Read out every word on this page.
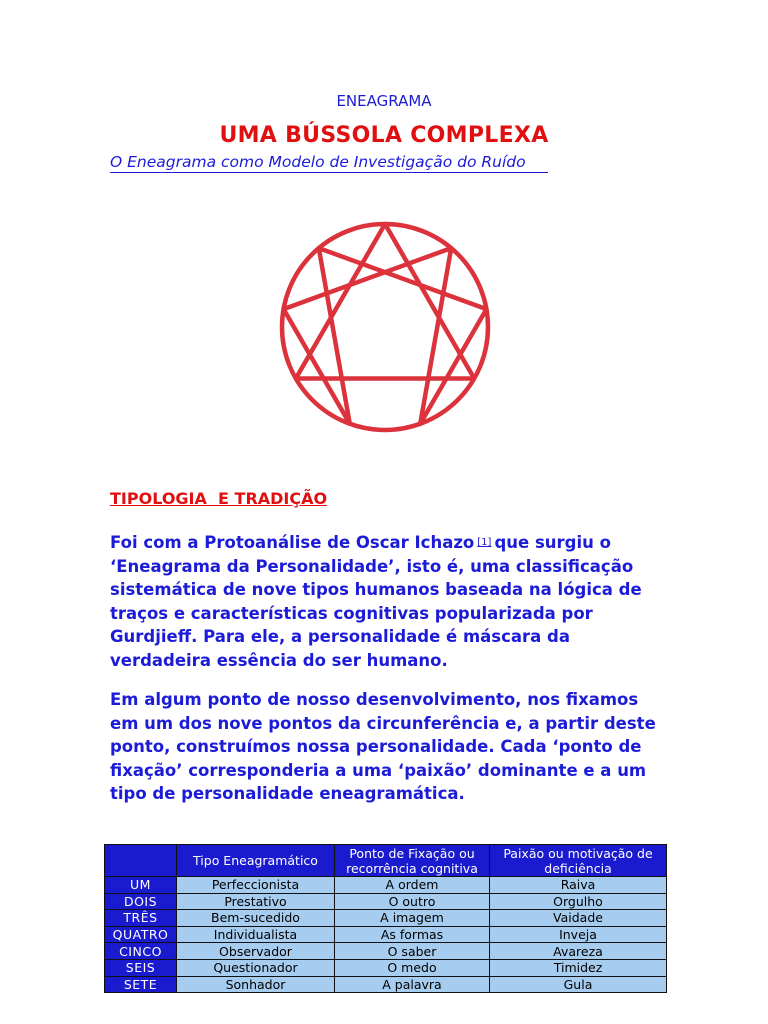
ENEAGRAMA
UMA BÚSSOLA COMPLEXA
O Eneagrama como Modelo de Investigação do Ruído
TIPOLOGIA  E TRADIÇÃO

Foi com a Protoanálise de Oscar Ichazo [1] que surgiu o ‘Eneagrama da Personalidade’, isto é, uma classificação sistemática de nove tipos humanos baseada na lógica de traços e características cognitivas popularizada por Gurdjieff. Para ele, a personalidade é máscara da verdadeira essência do ser humano.

Em algum ponto de nosso desenvolvimento, nos fixamos em um dos nove pontos da circunferência e, a partir deste ponto, construímos nossa personalidade. Cada ‘ponto de fixação’ corresponderia a uma ‘paixão’ dominante e a um tipo de personalidade eneagramática.

	Tipo Eneagramático	Ponto de Fixação ou recorrência cognitiva	Paixão ou motivação de deficiência
UM	Perfeccionista	A ordem	Raiva
DOIS	Prestativo	O outro	Orgulho
TRÊS	Bem-sucedido	A imagem	Vaidade
QUATRO	Individualista	As formas	Inveja
CINCO	Observador	O saber	Avareza
SEIS	Questionador	O medo	Timidez
SETE	Sonhador	A palavra	Gula
